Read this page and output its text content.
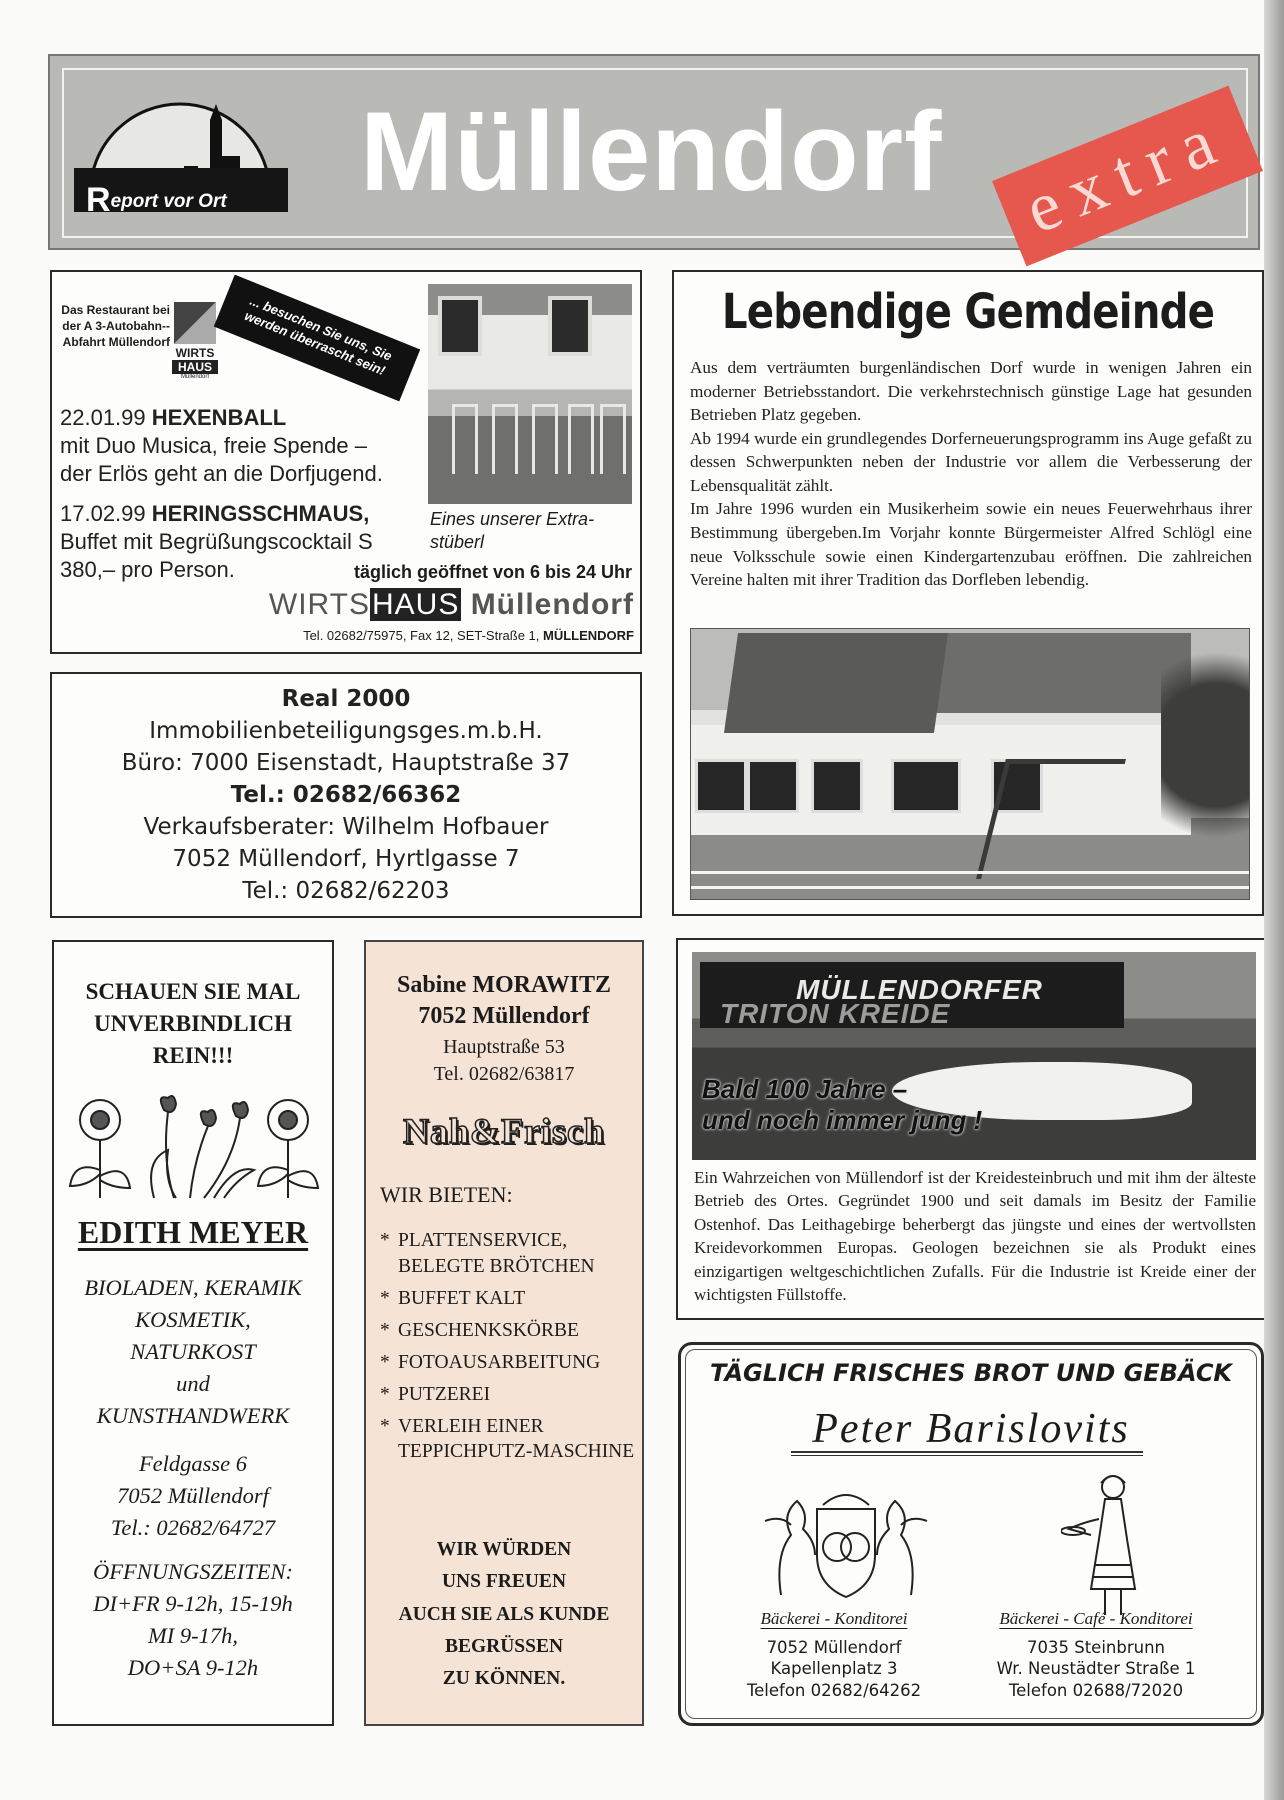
Müllendorf
Report vor Ort	extra
Das Restaurant bei der A 3-Autobahn--Abfahrt Müllendorf
WIRTS
HAUS
Müllendorf
... besuchen Sie uns, Sie werden überrascht sein!
22.01.99 HEXENBALL
mit Duo Musica, freie Spende – der Erlös geht an die Dorfjugend.
17.02.99 HERINGSSCHMAUS,
Buffet mit Begrüßungscocktail S 380,– pro Person.
Eines unserer Extra-stüberl
täglich geöffnet von 6 bis 24 Uhr
WIRTSHAUS Müllendorf
Tel. 02682/75975, Fax 12, SET-Straße 1, MÜLLENDORF
Real 2000
Immobilienbeteiligungsges.m.b.H.
Büro: 7000 Eisenstadt, Hauptstraße 37
Tel.: 02682/66362
Verkaufsberater: Wilhelm Hofbauer
7052 Müllendorf, Hyrtlgasse 7
Tel.: 02682/62203
Lebendige Gemdeinde
Aus dem verträumten burgenländischen Dorf wurde in wenigen Jahren ein moderner Betriebsstandort. Die verkehrstechnisch günstige Lage hat gesunden Betrieben Platz gegeben.
Ab 1994 wurde ein grundlegendes Dorferneuerungsprogramm ins Auge gefaßt zu dessen Schwerpunkten neben der Industrie vor allem die Verbesserung der Lebensqualität zählt.
Im Jahre 1996 wurden ein Musikerheim sowie ein neues Feuerwehrhaus ihrer Bestimmung übergeben.Im Vorjahr konnte Bürgermeister Alfred Schlögl eine neue Volksschule sowie einen Kindergartenzubau eröffnen. Die zahlreichen Vereine halten mit ihrer Tradition das Dorfleben lebendig.
SCHAUEN SIE MAL
UNVERBINDLICH
REIN!!!
EDITH MEYER
BIOLADEN, KERAMIK
KOSMETIK,
NATURKOST
und
KUNSTHANDWERK
Feldgasse 6
7052 Müllendorf
Tel.: 02682/64727
ÖFFNUNGSZEITEN:
DI+FR 9-12h, 15-19h
MI 9-17h,
DO+SA 9-12h
Sabine MORAWITZ
7052 Müllendorf
Hauptstraße 53
Tel. 02682/63817
Nah&Frisch
WIR BIETEN:
* PLATTENSERVICE, BELEGTE BRÖTCHEN
* BUFFET KALT
* GESCHENKSKÖRBE
* FOTOAUSARBEITUNG
* PUTZEREI
* VERLEIH EINER TEPPICHPUTZ-MASCHINE
WIR WÜRDEN
UNS FREUEN
AUCH SIE ALS KUNDE
BEGRÜSSEN
ZU KÖNNEN.
MÜLLENDORFER
TRITON KREIDE
Bald 100 Jahre –
und noch immer jung !
Ein Wahrzeichen von Müllendorf ist der Kreidesteinbruch und mit ihm der älteste Betrieb des Ortes. Gegründet 1900 und seit damals im Besitz der Familie Ostenhof. Das Leithagebirge beherbergt das jüngste und eines der wertvollsten Kreidevorkommen Europas. Geologen bezeichnen sie als Produkt eines einzigartigen weltgeschichtlichen Zufalls. Für die Industrie ist Kreide einer der wichtigsten Füllstoffe.
TÄGLICH FRISCHES BROT UND GEBÄCK
Peter Barislovits
Bäckerei - Konditorei
7052 Müllendorf
Kapellenplatz 3
Telefon 02682/64262
Bäckerei - Café - Konditorei
7035 Steinbrunn
Wr. Neustädter Straße 1
Telefon 02688/72020
